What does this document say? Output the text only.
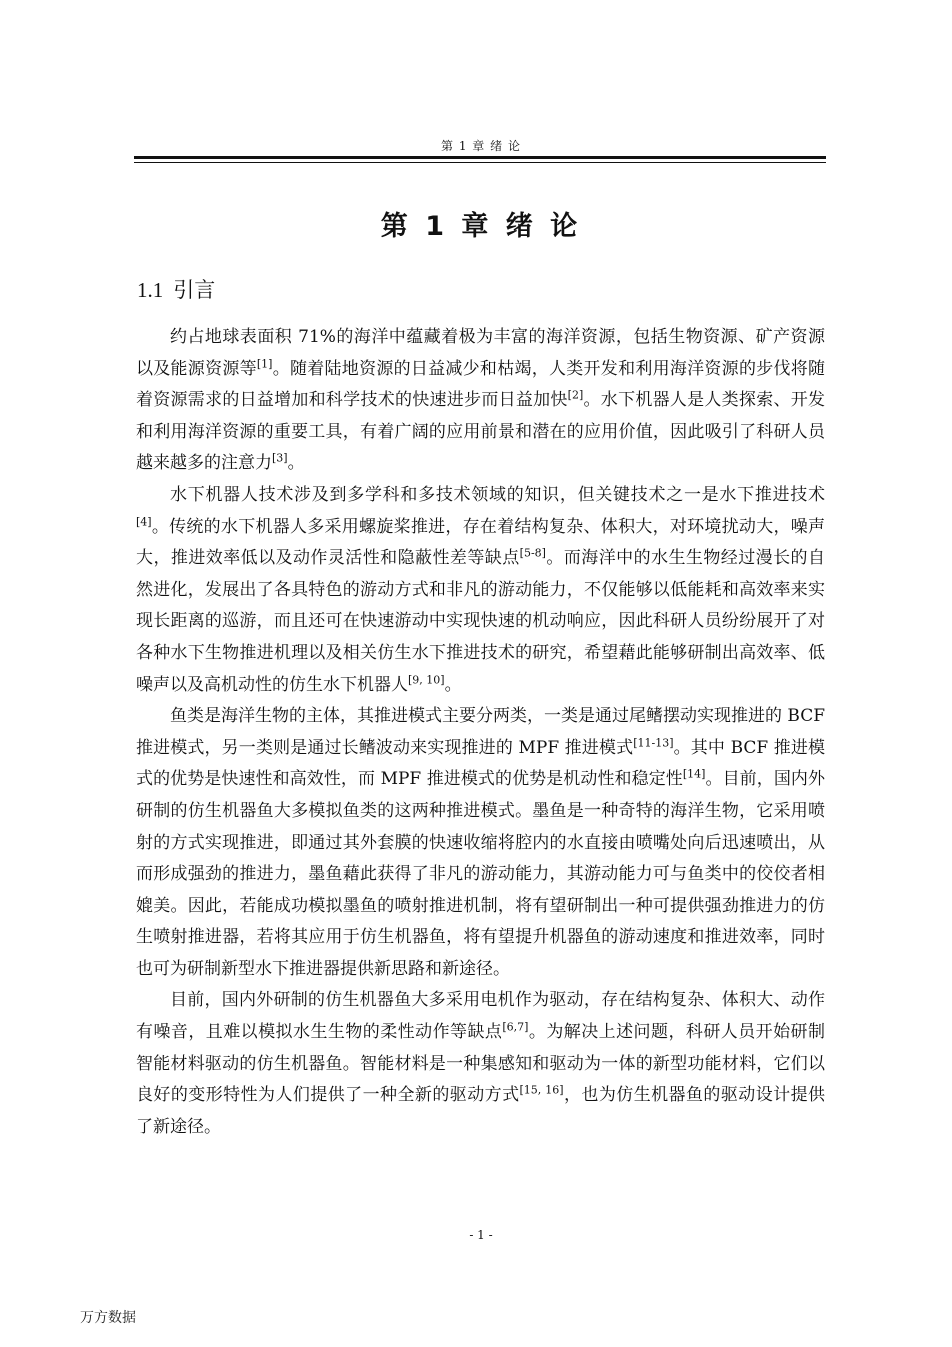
第 1 章 绪 论
第 1 章 绪 论
1.1 引言

约占地球表面积 71%的海洋中蕴藏着极为丰富的海洋资源，包括生物资源、矿产资源以及能源资源等[1]。随着陆地资源的日益减少和枯竭，人类开发和利用海洋资源的步伐将随着资源需求的日益增加和科学技术的快速进步而日益加快[2]。水下机器人是人类探索、开发和利用海洋资源的重要工具，有着广阔的应用前景和潜在的应用价值，因此吸引了科研人员越来越多的注意力[3]。

水下机器人技术涉及到多学科和多技术领域的知识，但关键技术之一是水下推进技术[4]。传统的水下机器人多采用螺旋桨推进，存在着结构复杂、体积大，对环境扰动大，噪声大，推进效率低以及动作灵活性和隐蔽性差等缺点[5-8]。而海洋中的水生生物经过漫长的自然进化，发展出了各具特色的游动方式和非凡的游动能力，不仅能够以低能耗和高效率来实现长距离的巡游，而且还可在快速游动中实现快速的机动响应，因此科研人员纷纷展开了对各种水下生物推进机理以及相关仿生水下推进技术的研究，希望藉此能够研制出高效率、低噪声以及高机动性的仿生水下机器人[9, 10]。

鱼类是海洋生物的主体，其推进模式主要分两类，一类是通过尾鳍摆动实现推进的 BCF 推进模式，另一类则是通过长鳍波动来实现推进的 MPF 推进模式[11-13]。其中 BCF 推进模式的优势是快速性和高效性，而 MPF 推进模式的优势是机动性和稳定性[14]。目前，国内外研制的仿生机器鱼大多模拟鱼类的这两种推进模式。墨鱼是一种奇特的海洋生物，它采用喷射的方式实现推进，即通过其外套膜的快速收缩将腔内的水直接由喷嘴处向后迅速喷出，从而形成强劲的推进力，墨鱼藉此获得了非凡的游动能力，其游动能力可与鱼类中的佼佼者相媲美。因此，若能成功模拟墨鱼的喷射推进机制，将有望研制出一种可提供强劲推进力的仿生喷射推进器，若将其应用于仿生机器鱼，将有望提升机器鱼的游动速度和推进效率，同时也可为研制新型水下推进器提供新思路和新途径。

目前，国内外研制的仿生机器鱼大多采用电机作为驱动，存在结构复杂、体积大、动作有噪音，且难以模拟水生生物的柔性动作等缺点[6,7]。为解决上述问题，科研人员开始研制智能材料驱动的仿生机器鱼。智能材料是一种集感知和驱动为一体的新型功能材料，它们以良好的变形特性为人们提供了一种全新的驱动方式[15, 16]，也为仿生机器鱼的驱动设计提供了新途径。

- 1 -
万方数据
